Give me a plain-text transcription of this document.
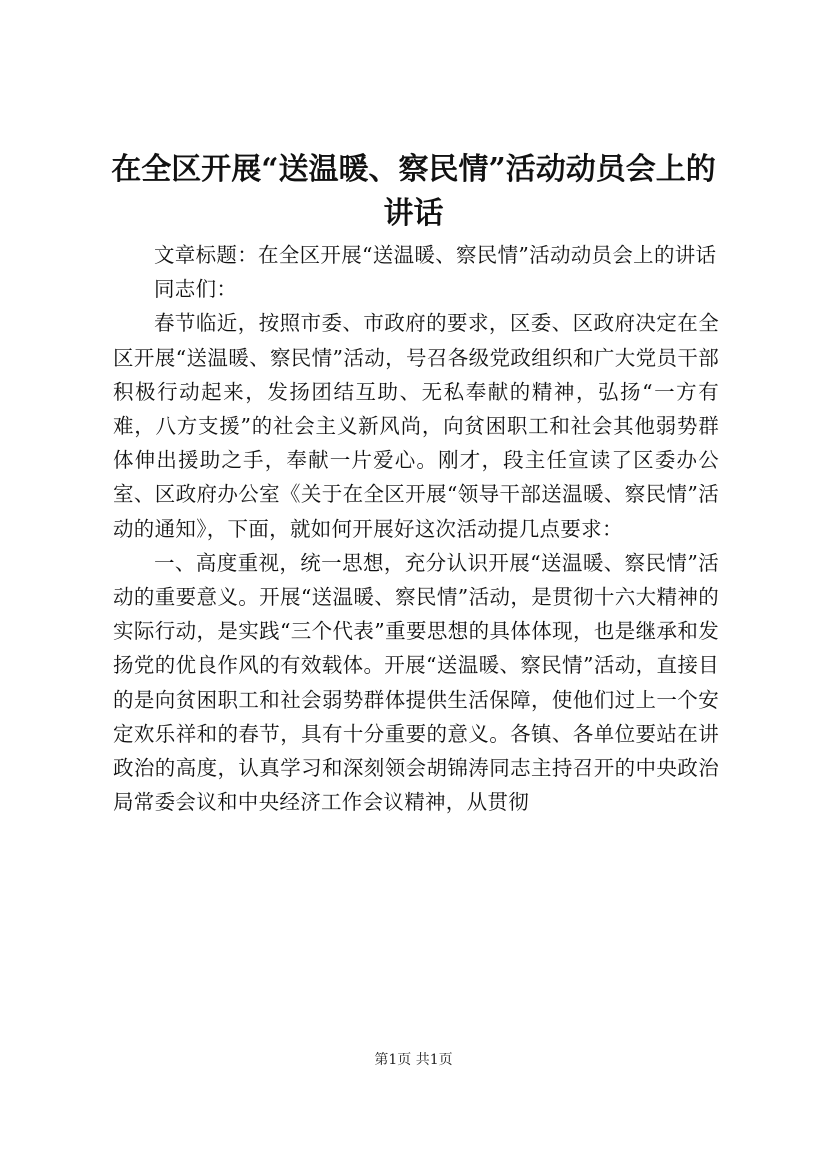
在全区开展“送温暖、察民情”活动动员会上的讲话

文章标题：在全区开展“送温暖、察民情”活动动员会上的讲话

同志们：

春节临近，按照市委、市政府的要求，区委、区政府决定在全区开展“送温暖、察民情”活动，号召各级党政组织和广大党员干部积极行动起来，发扬团结互助、无私奉献的精神，弘扬“一方有难，八方支援”的社会主义新风尚，向贫困职工和社会其他弱势群体伸出援助之手，奉献一片爱心。刚才，段主任宣读了区委办公室、区政府办公室《关于在全区开展“领导干部送温暖、察民情”活动的通知》，下面，就如何开展好这次活动提几点要求：

一、高度重视，统一思想，充分认识开展“送温暖、察民情”活动的重要意义。开展“送温暖、察民情”活动，是贯彻十六大精神的实际行动，是实践“三个代表”重要思想的具体体现，也是继承和发扬党的优良作风的有效载体。开展“送温暖、察民情”活动，直接目的是向贫困职工和社会弱势群体提供生活保障，使他们过上一个安定欢乐祥和的春节，具有十分重要的意义。各镇、各单位要站在讲政治的高度，认真学习和深刻领会胡锦涛同志主持召开的中央政治局常委会议和中央经济工作会议精神，从贯彻

第1页 共1页
